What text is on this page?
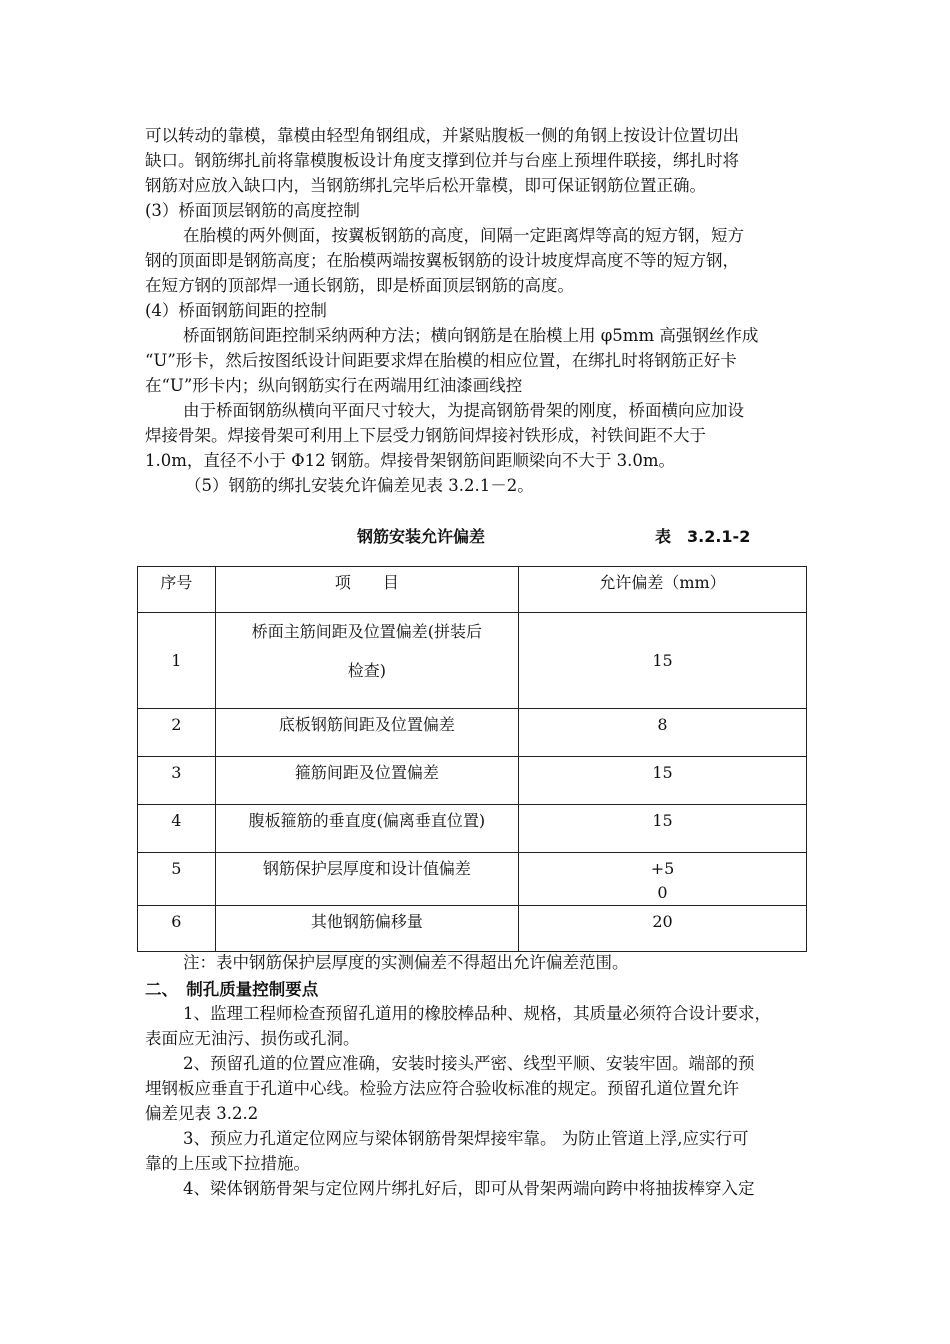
可以转动的靠模，靠模由轻型角钢组成，并紧贴腹板一侧的角钢上按设计位置切出
缺口。钢筋绑扎前将靠模腹板设计角度支撑到位并与台座上预埋件联接，绑扎时将
钢筋对应放入缺口内，当钢筋绑扎完毕后松开靠模，即可保证钢筋位置正确。
(3）桥面顶层钢筋的高度控制
在胎模的两外侧面，按翼板钢筋的高度，间隔一定距离焊等高的短方钢，短方
钢的顶面即是钢筋高度；在胎模两端按翼板钢筋的设计坡度焊高度不等的短方钢，
在短方钢的顶部焊一通长钢筋，即是桥面顶层钢筋的高度。
(4）桥面钢筋间距的控制
桥面钢筋间距控制采纳两种方法；横向钢筋是在胎模上用 φ5mm 高强钢丝作成
“U”形卡，然后按图纸设计间距要求焊在胎模的相应位置，在绑扎时将钢筋正好卡
在“U”形卡内；纵向钢筋实行在两端用红油漆画线控
由于桥面钢筋纵横向平面尺寸较大，为提高钢筋骨架的刚度，桥面横向应加设
焊接骨架。焊接骨架可利用上下层受力钢筋间焊接衬铁形成，衬铁间距不大于
1.0m，直径不小于 Φ12 钢筋。焊接骨架钢筋间距顺梁向不大于 3.0m。
（5）钢筋的绑扎安装允许偏差见表 3.2.1－2。
钢筋安装允许偏差	表　3.2.1-2
序号	项　　目	允许偏差（mm）
1	桥面主筋间距及位置偏差(拼装后
检查)	15
2	底板钢筋间距及位置偏差	8
3	箍筋间距及位置偏差	15
4	腹板箍筋的垂直度(偏离垂直位置)	15
5	钢筋保护层厚度和设计值偏差	+5
0

6	其他钢筋偏移量	20
注：表中钢筋保护层厚度的实测偏差不得超出允许偏差范围。
二、　制孔质量控制要点
1、监理工程师检查预留孔道用的橡胶棒品种、规格，其质量必须符合设计要求，
表面应无油污、损伤或孔洞。
2、预留孔道的位置应准确，安装时接头严密、线型平顺、安装牢固。端部的预
埋钢板应垂直于孔道中心线。检验方法应符合验收标准的规定。预留孔道位置允许
偏差见表 3.2.2
3、预应力孔道定位网应与梁体钢筋骨架焊接牢靠。 为防止管道上浮,应实行可
靠的上压或下拉措施。
4、梁体钢筋骨架与定位网片绑扎好后，即可从骨架两端向跨中将抽拔棒穿入定
